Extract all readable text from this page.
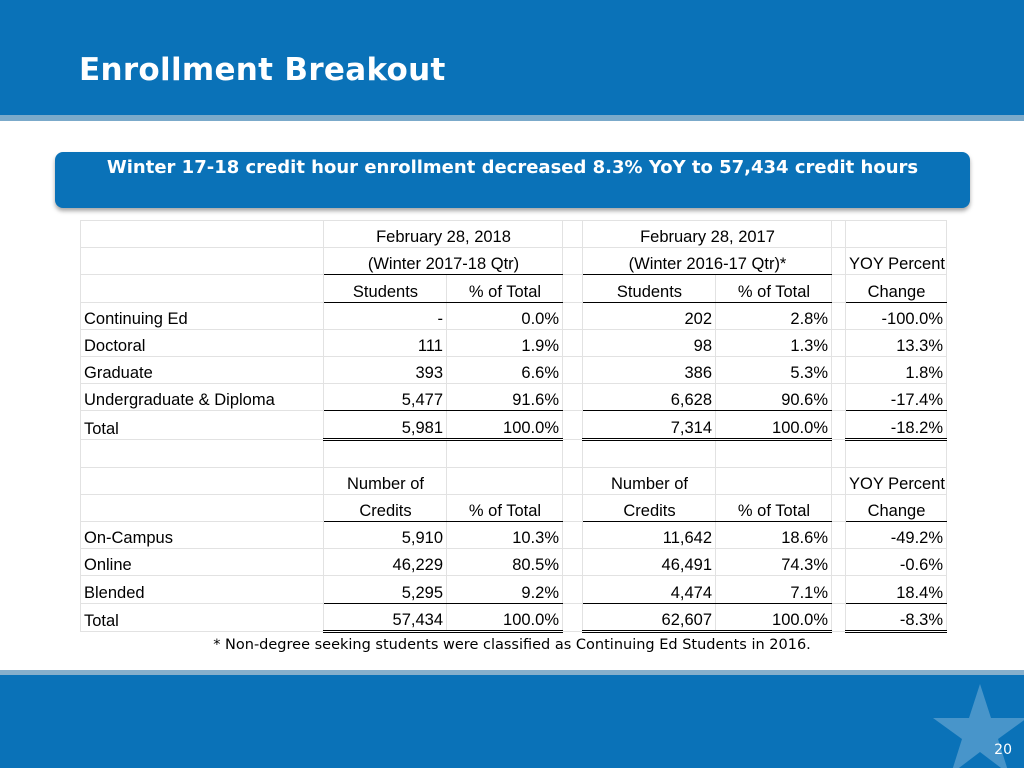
Enrollment Breakout
Winter 17-18 credit hour enrollment decreased 8.3% YoY to 57,434 credit hours
	February 28, 2018			February 28, 2017			
	(Winter 2017-18 Qtr)			(Winter 2016-17 Qtr)*			YOY Percent
	Students	% of Total		Students	% of Total		Change
Continuing Ed	-	0.0%		202	2.8%		-100.0%
Doctoral	111	1.9%		98	1.3%		13.3%
Graduate	393	6.6%		386	5.3%		1.8%
Undergraduate & Diploma	5,477	91.6%		6,628	90.6%		-17.4%
Total	5,981	100.0%		7,314	100.0%		-18.2%

	Number of			Number of			YOY Percent
	Credits	% of Total		Credits	% of Total		Change
On-Campus	5,910	10.3%		11,642	18.6%		-49.2%
Online	46,229	80.5%		46,491	74.3%		-0.6%
Blended	5,295	9.2%		4,474	7.1%		18.4%
Total	57,434	100.0%		62,607	100.0%		-8.3%
* Non-degree seeking students were classified as Continuing Ed Students in 2016.
20
